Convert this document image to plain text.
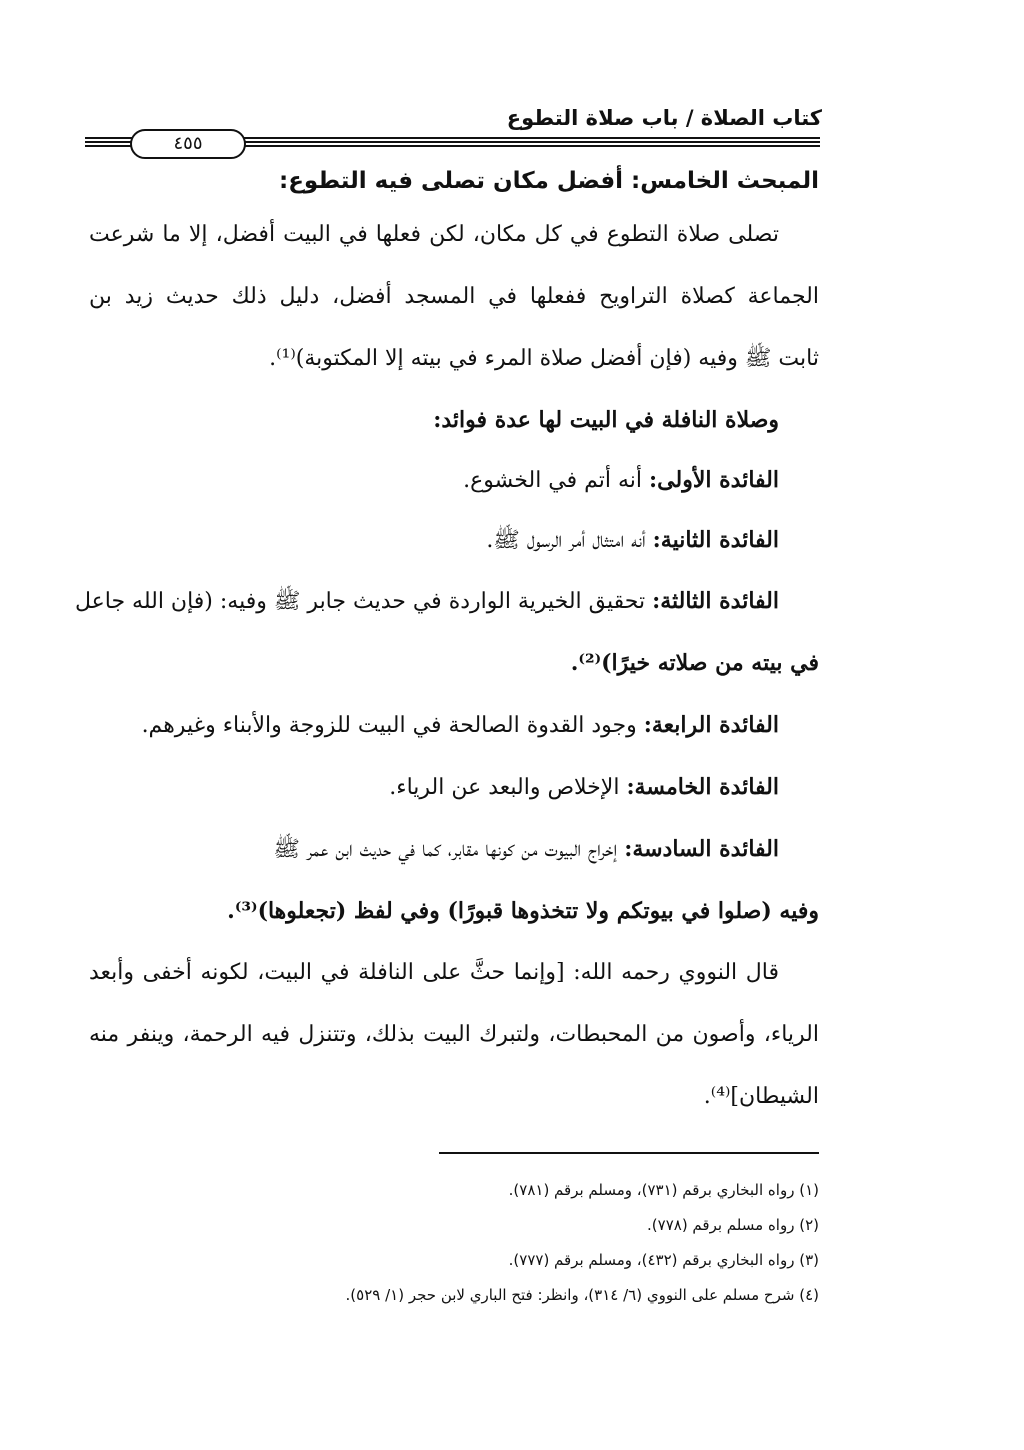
كتاب الصلاة / باب صلاة التطوع
٤٥٥
المبحث الخامس: أفضل مكان تصلى فيه التطوع:
تصلى صلاة التطوع في كل مكان، لكن فعلها في البيت أفضل، إلا ما شرعت
الجماعة كصلاة التراويح ففعلها في المسجد أفضل، دليل ذلك حديث زيد بن
ثابت ﷺ وفيه (فإن أفضل صلاة المرء في بيته إلا المكتوبة)⁽¹⁾.
وصلاة النافلة في البيت لها عدة فوائد:
الفائدة الأولى: أنه أتم في الخشوع.
الفائدة الثانية: أنه امتثال أمر الرسول ﷺ.
الفائدة الثالثة: تحقيق الخيرية الواردة في حديث جابر ﷺ وفيه: (فإن الله جاعل
في بيته من صلاته خيرًا)⁽²⁾.
الفائدة الرابعة: وجود القدوة الصالحة في البيت للزوجة والأبناء وغيرهم.
الفائدة الخامسة: الإخلاص والبعد عن الرياء.
الفائدة السادسة: إخراج البيوت من كونها مقابر، كما في حديث ابن عمر ﷺ
وفيه (صلوا في بيوتكم ولا تتخذوها قبورًا) وفي لفظ (تجعلوها)⁽³⁾.
قال النووي رحمه الله: [وإنما حثَّ على النافلة في البيت، لكونه أخفى وأبعد
الرياء، وأصون من المحبطات، ولتبرك البيت بذلك، وتتنزل فيه الرحمة، وينفر منه
الشيطان]⁽⁴⁾.
(١) رواه البخاري برقم (٧٣١)، ومسلم برقم (٧٨١).
(٢) رواه مسلم برقم (٧٧٨).
(٣) رواه البخاري برقم (٤٣٢)، ومسلم برقم (٧٧٧).
(٤) شرح مسلم على النووي (٦/ ٣١٤)، وانظر: فتح الباري لابن حجر (١/ ٥٢٩).
